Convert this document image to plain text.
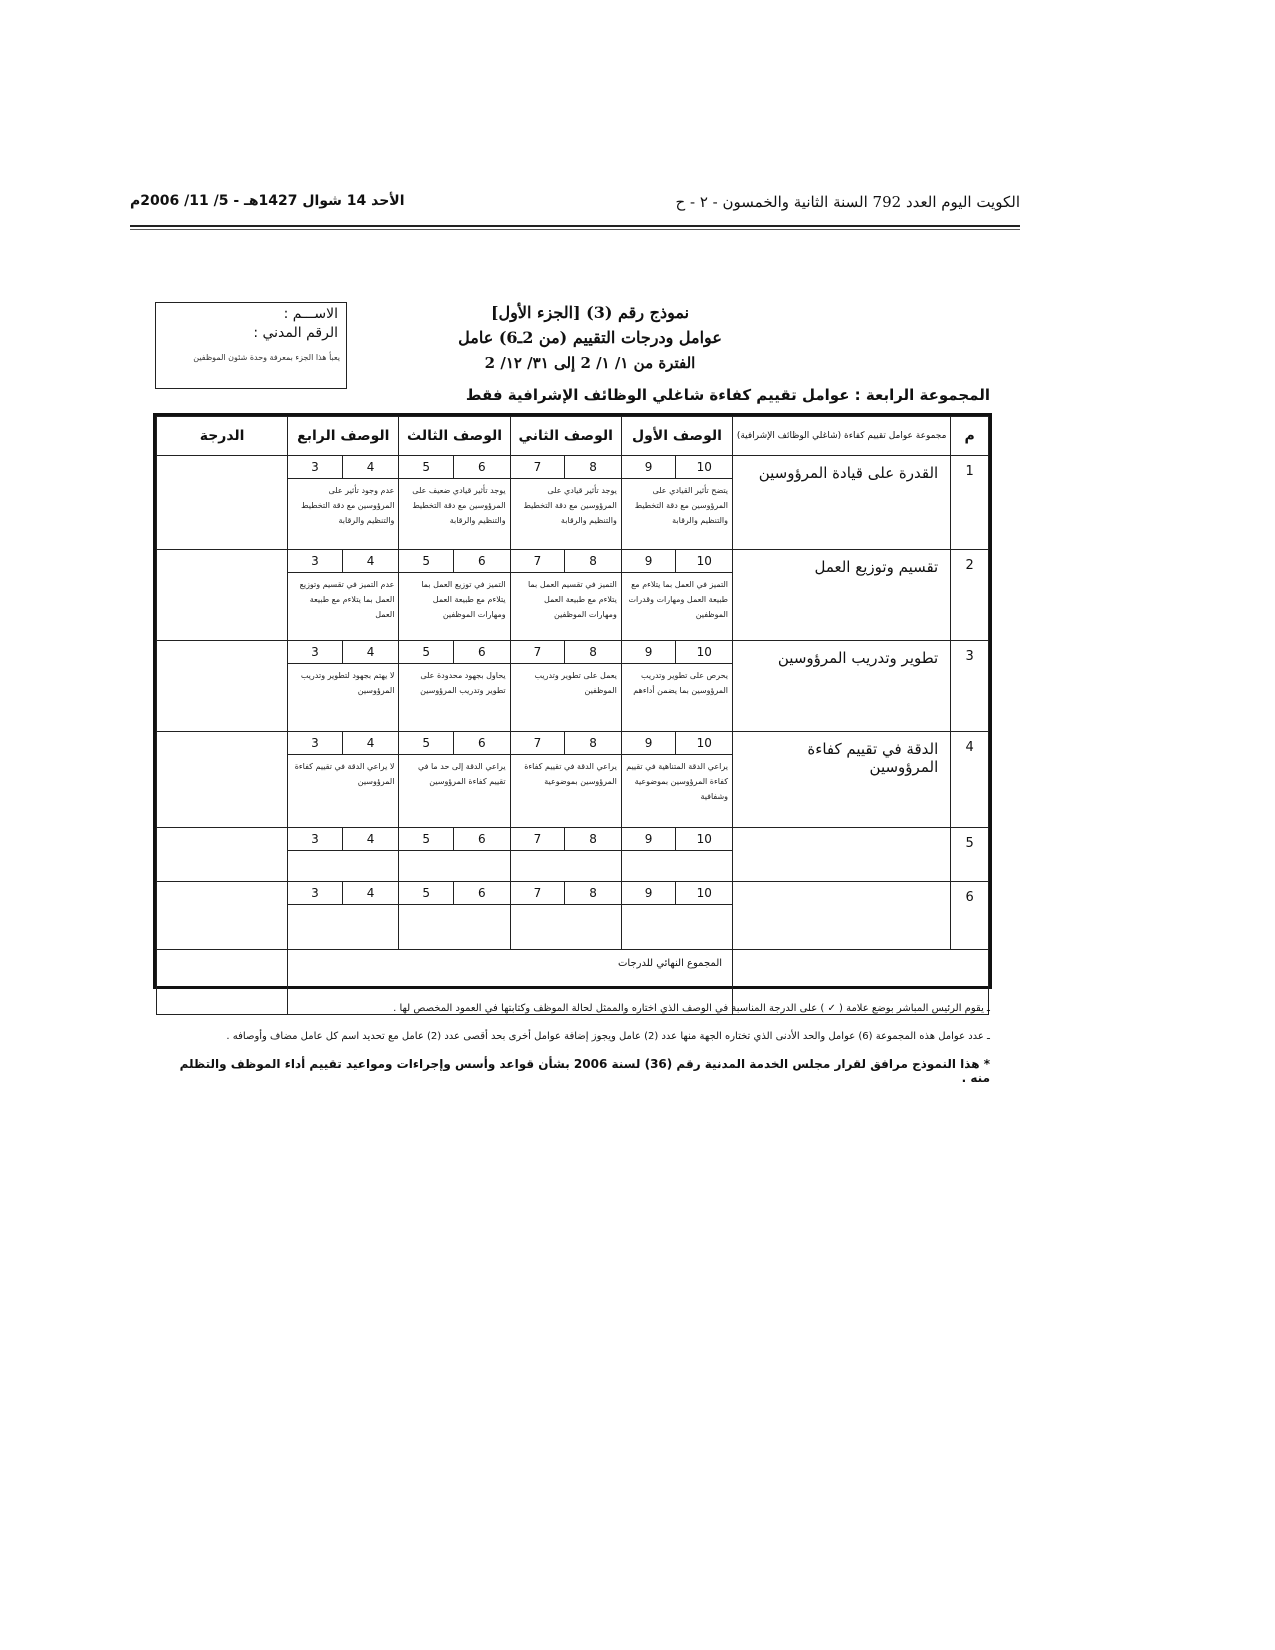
الكويت اليوم العدد 792 السنة الثانية والخمسون - ٢ - ح
الأحد 14 شوال 1427هـ - 5/ 11/ 2006م
الاســـم :
الرقم المدني :
يعبأ هذا الجزء بمعرفة وحدة شئون الموظفين
نموذج رقم (3) [الجزء الأول]
عوامل ودرجات التقييم (من 2ـ6) عامل
الفترة من ١/ ١/ 2 إلى ٣١/ ١٢/ 2
المجموعة الرابعة : عوامل تقييم كفاءة شاغلي الوظائف الإشرافية فقط
م	مجموعة عوامل تقييم كفاءة (شاغلي الوظائف الإشرافية)	الوصف الأول		الوصف الثاني		الوصف الثالث		الوصف الرابع		الدرجة
1	القدرة على قيادة المرؤوسين	10	9	8	7	6	5	4	3	
		يتضح تأثير القيادي على المرؤوسين مع دقة التخطيط والتنظيم والرقابة		يوجد تأثير قيادي على المرؤوسين مع دقة التخطيط والتنظيم والرقابة		يوجد تأثير قيادي ضعيف على المرؤوسين مع دقة التخطيط والتنظيم والرقابة		عدم وجود تأثير على المرؤوسين مع دقة التخطيط والتنظيم والرقابة		
2	تقسيم وتوزيع العمل	10	9	8	7	6	5	4	3	
		التميز في العمل بما يتلاءم مع طبيعة العمل ومهارات وقدرات الموظفين		التميز في تقسيم العمل بما يتلاءم مع طبيعة العمل ومهارات الموظفين		التميز في توزيع العمل بما يتلاءم مع طبيعة العمل ومهارات الموظفين		عدم التميز في تقسيم وتوزيع العمل بما يتلاءم مع طبيعة العمل		
3	تطوير وتدريب المرؤوسين	10	9	8	7	6	5	4	3	
		يحرص على تطوير وتدريب المرؤوسين بما يضمن أداءهم		يعمل على تطوير وتدريب الموظفين		يحاول بجهود محدودة على تطوير وتدريب المرؤوسين		لا يهتم بجهود لتطوير وتدريب المرؤوسين		
4	الدقة في تقييم كفاءة المرؤوسين	10	9	8	7	6	5	4	3	
		يراعي الدقة المتناهية في تقييم كفاءة المرؤوسين بموضوعية وشفافية		يراعي الدقة في تقييم كفاءة المرؤوسين بموضوعية		يراعي الدقة إلى حد ما في تقييم كفاءة المرؤوسين		لا يراعي الدقة في تقييم كفاءة المرؤوسين		
5		10	9	8	7	6	5	4	3	

6		10	9	8	7	6	5	4	3	

		المجموع النهائي للدرجات								
ـ يقوم الرئيس المباشر بوضع علامة ( ✓ ) على الدرجة المناسبة في الوصف الذي اختاره والممثل لحالة الموظف وكتابتها في العمود المخصص لها .
ـ عدد عوامل هذه المجموعة (6) عوامل والحد الأدنى الذي تختاره الجهة منها عدد (2) عامل ويجوز إضافة عوامل أخرى بحد أقصى عدد (2) عامل مع تحديد اسم كل عامل مضاف وأوصافه .
* هذا النموذج مرافق لقرار مجلس الخدمة المدنية رقم (36) لسنة 2006 بشأن قواعد وأسس وإجراءات ومواعيد تقييم أداء الموظف والتظلم منه .
